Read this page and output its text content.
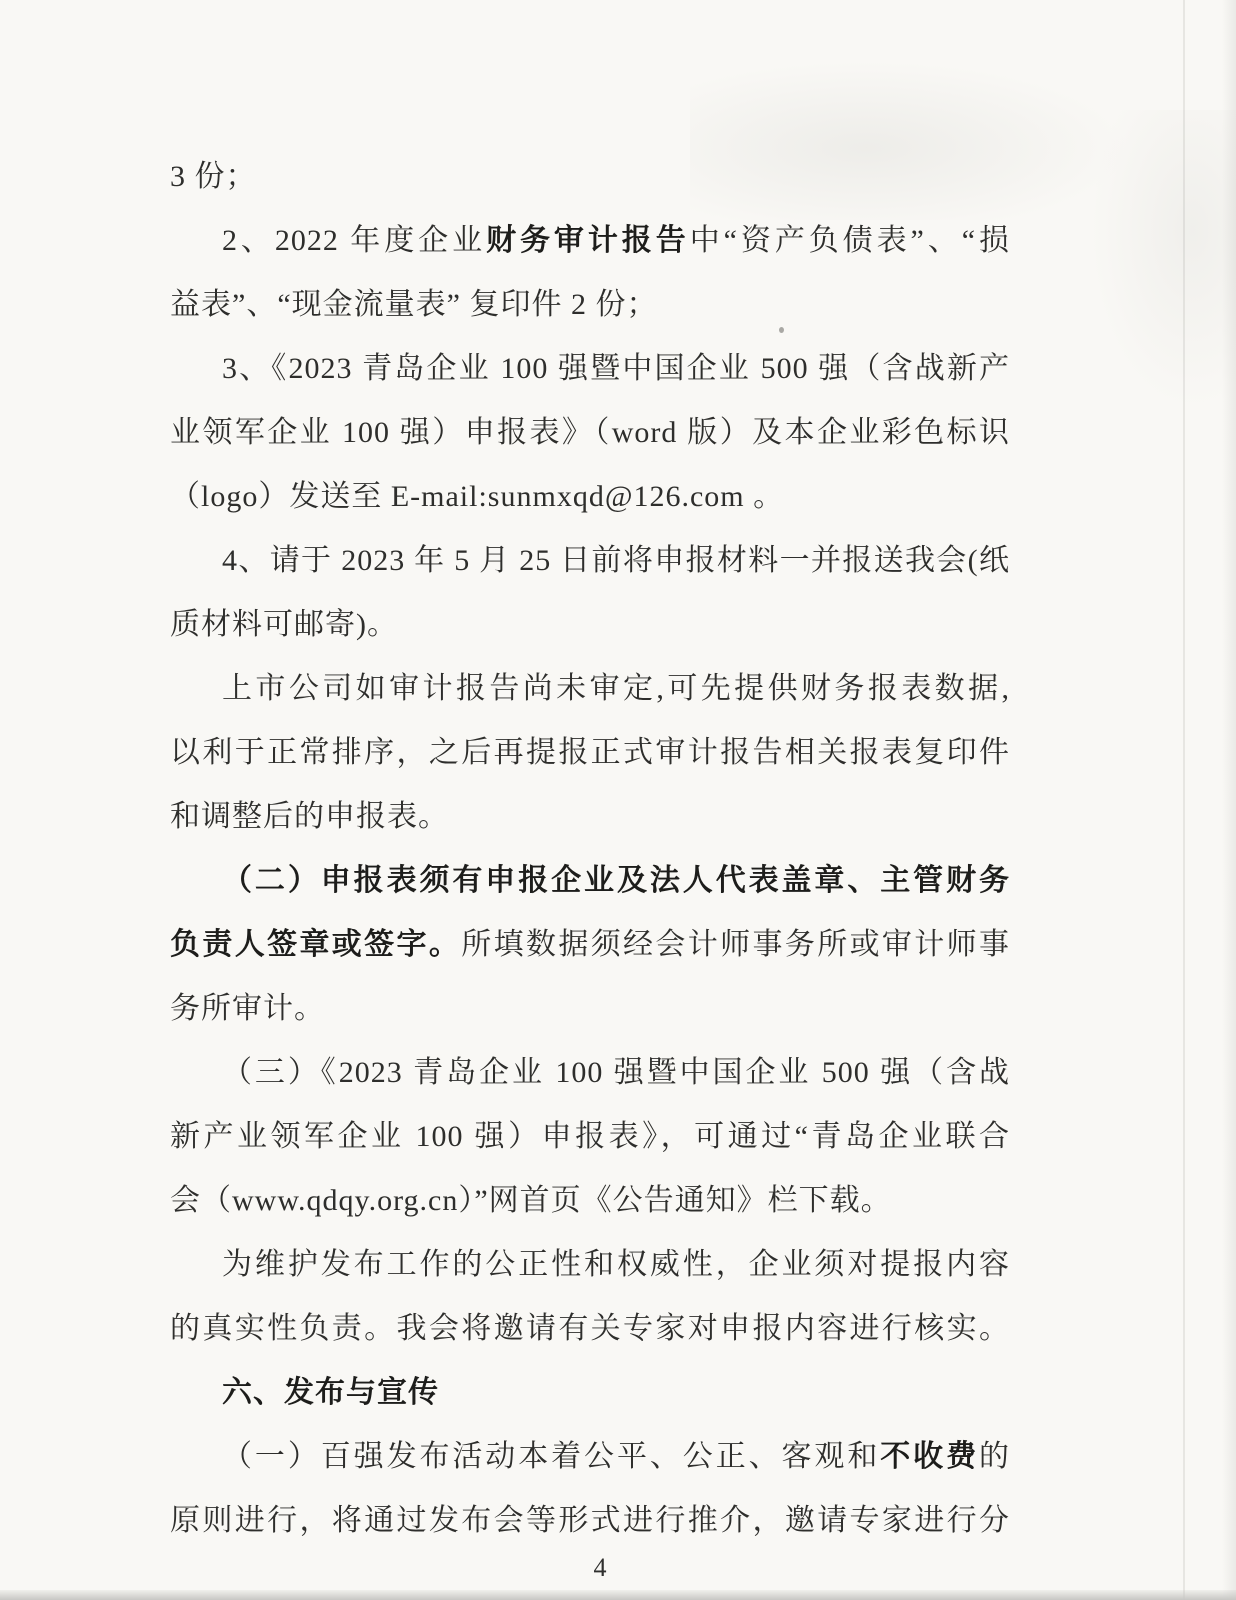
3 份；
2、2022 年度企业财务审计报告中“资产负债表”、“损
益表”、“现金流量表” 复印件 2 份；
3、《2023 青岛企业 100 强暨中国企业 500 强（含战新产
业领军企业 100 强）申报表》（word 版）及本企业彩色标识
（logo）发送至 E-mail:sunmxqd@126.com 。
4、请于 2023 年 5 月 25 日前将申报材料一并报送我会(纸
质材料可邮寄)。
上市公司如审计报告尚未审定,可先提供财务报表数据,
以利于正常排序，之后再提报正式审计报告相关报表复印件
和调整后的申报表。
（二）申报表须有申报企业及法人代表盖章、主管财务
负责人签章或签字。所填数据须经会计师事务所或审计师事
务所审计。
（三）《2023 青岛企业 100 强暨中国企业 500 强（含战
新产业领军企业 100 强）申报表》，可通过“青岛企业联合
会（www.qdqy.org.cn）”网首页《公告通知》栏下载。
为维护发布工作的公正性和权威性，企业须对提报内容
的真实性负责。我会将邀请有关专家对申报内容进行核实。
六、发布与宣传
（一）百强发布活动本着公平、公正、客观和不收费的
原则进行，将通过发布会等形式进行推介，邀请专家进行分
4
